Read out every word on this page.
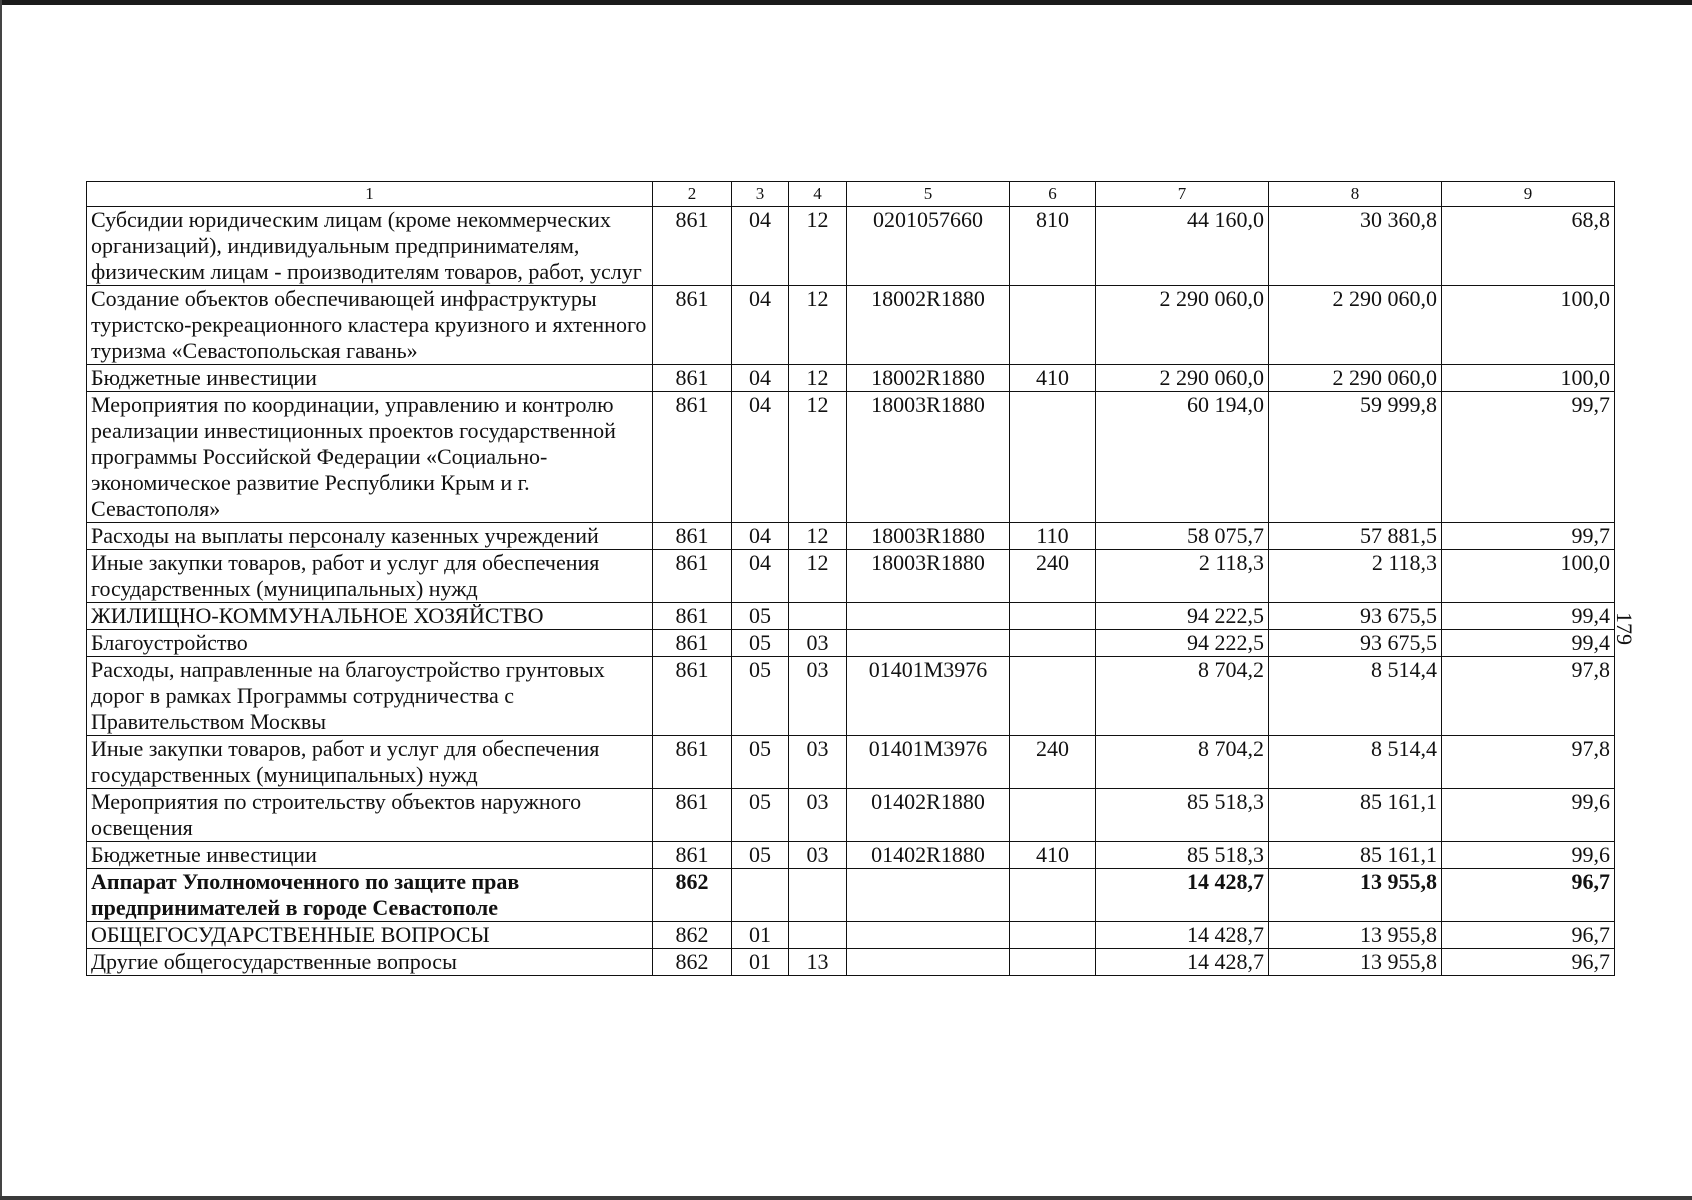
179
1	2	3	4	5	6	7	8	9
Субсидии юридическим лицам (кроме некоммерческих организаций), индивидуальным предпринимателям, физическим лицам - производителям товаров, работ, услуг	861	04	12	0201057660	810	44 160,0	30 360,8	68,8
Создание объектов обеспечивающей инфраструктуры туристско-рекреационного кластера круизного и яхтенного туризма «Севастопольская гавань»	861	04	12	18002R1880		2 290 060,0	2 290 060,0	100,0
Бюджетные инвестиции	861	04	12	18002R1880	410	2 290 060,0	2 290 060,0	100,0
Мероприятия по координации, управлению и контролю реализации инвестиционных проектов государственной программы Российской Федерации «Социально-экономическое развитие Республики Крым и г. Севастополя»	861	04	12	18003R1880		60 194,0	59 999,8	99,7
Расходы на выплаты персоналу казенных учреждений	861	04	12	18003R1880	110	58 075,7	57 881,5	99,7
Иные закупки товаров, работ и услуг для обеспечения государственных (муниципальных) нужд	861	04	12	18003R1880	240	2 118,3	2 118,3	100,0
ЖИЛИЩНО-КОММУНАЛЬНОЕ ХОЗЯЙСТВО	861	05				94 222,5	93 675,5	99,4
Благоустройство	861	05	03			94 222,5	93 675,5	99,4
Расходы, направленные на благоустройство грунтовых дорог в рамках Программы сотрудничества с Правительством Москвы	861	05	03	01401M3976		8 704,2	8 514,4	97,8
Иные закупки товаров, работ и услуг для обеспечения государственных (муниципальных) нужд	861	05	03	01401M3976	240	8 704,2	8 514,4	97,8
Мероприятия по строительству объектов наружного освещения	861	05	03	01402R1880		85 518,3	85 161,1	99,6
Бюджетные инвестиции	861	05	03	01402R1880	410	85 518,3	85 161,1	99,6
Аппарат Уполномоченного по защите прав предпринимателей в городе Севастополе	862					14 428,7	13 955,8	96,7
ОБЩЕГОСУДАРСТВЕННЫЕ ВОПРОСЫ	862	01				14 428,7	13 955,8	96,7
Другие общегосударственные вопросы	862	01	13			14 428,7	13 955,8	96,7
